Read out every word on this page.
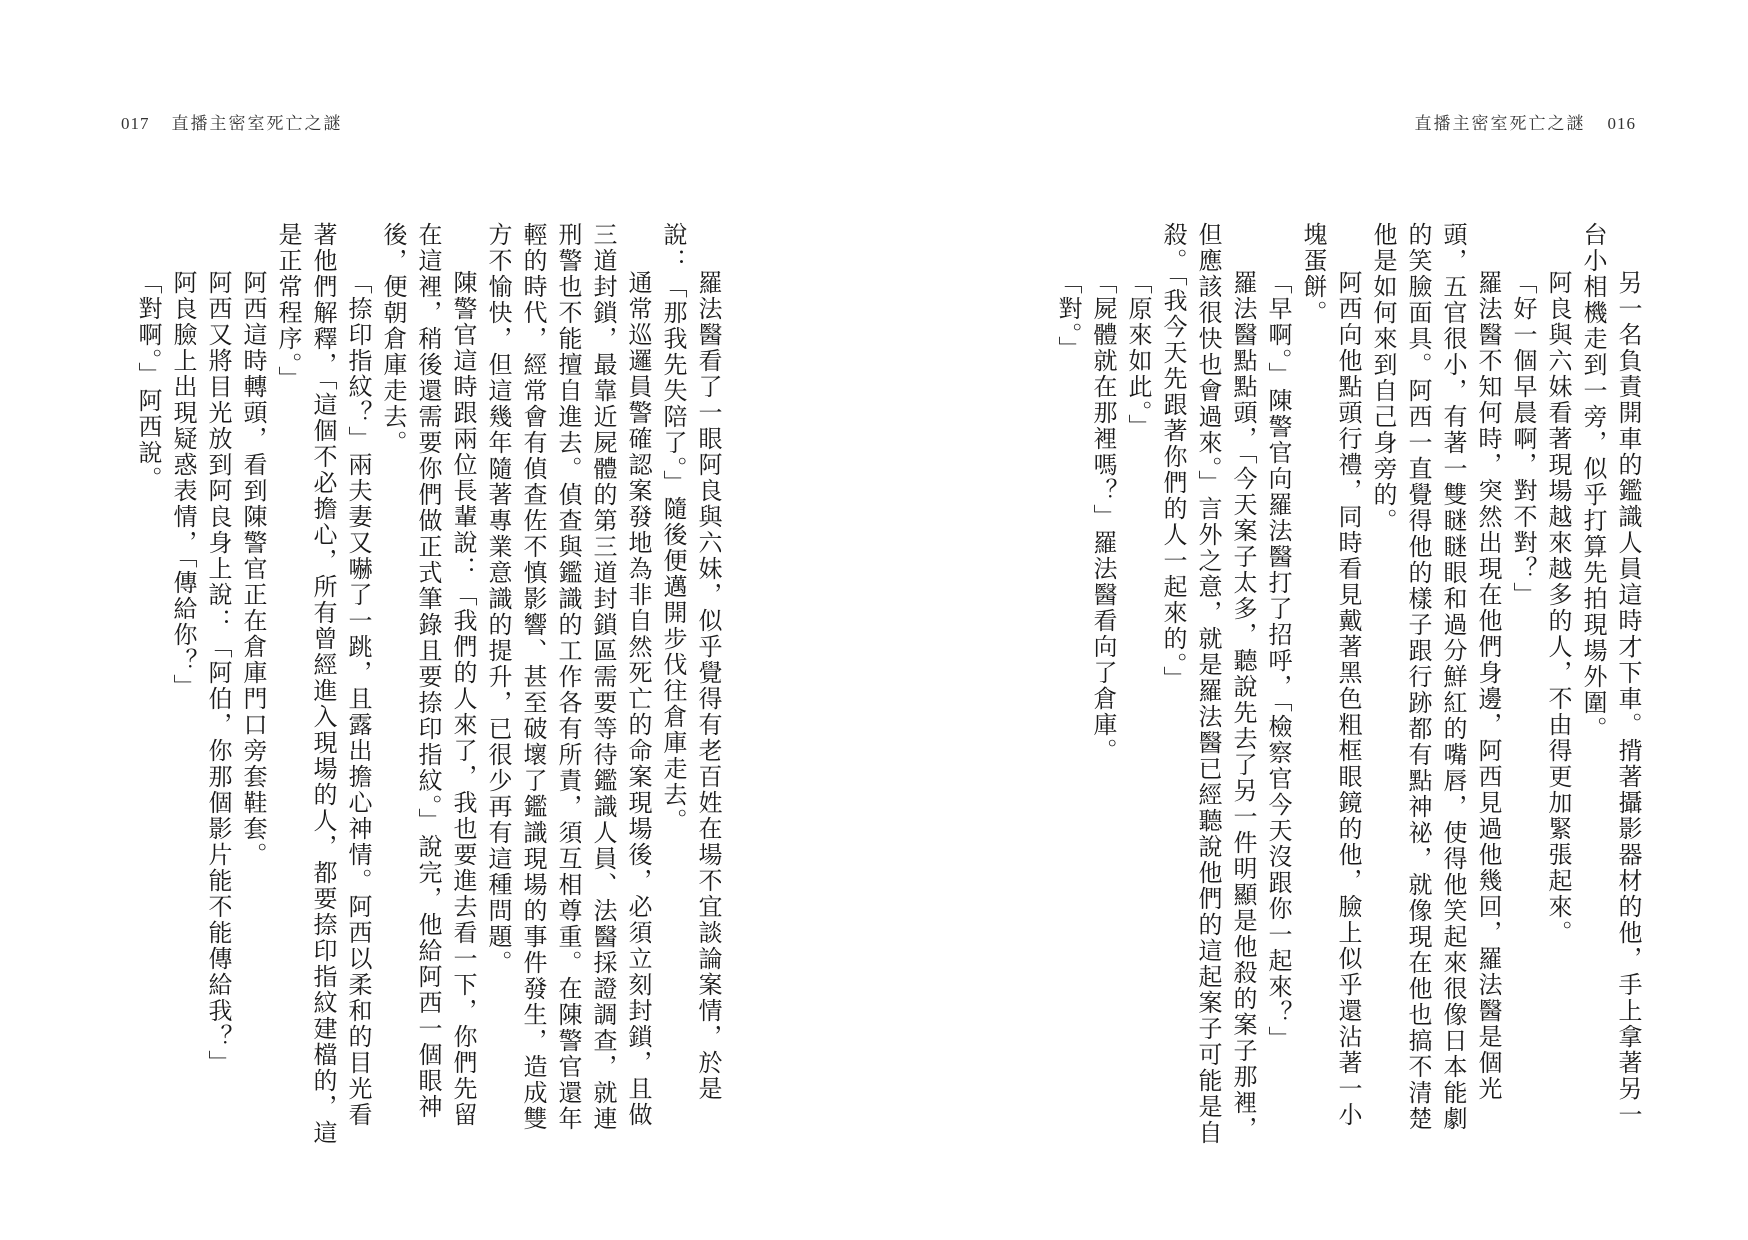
017 直播主密室死亡之謎	直播主密室死亡之謎 016

另一名負責開車的鑑識人員這時才下車。揹著攝影器材的他，手上拿著另一台小相機走到一旁，似乎打算先拍現場外圍。

阿良與六妹看著現場越來越多的人，不由得更加緊張起來。

「好一個早晨啊，對不對？」

羅法醫不知何時，突然出現在他們身邊，阿西見過他幾回，羅法醫是個光頭，五官很小，有著一雙瞇瞇眼和過分鮮紅的嘴唇，使得他笑起來很像日本能劇的笑臉面具。阿西一直覺得他的樣子跟行跡都有點神祕，就像現在他也搞不清楚他是如何來到自己身旁的。

阿西向他點頭行禮，同時看見戴著黑色粗框眼鏡的他，臉上似乎還沾著一小塊蛋餅。

「早啊。」陳警官向羅法醫打了招呼，「檢察官今天沒跟你一起來？」

羅法醫點點頭，「今天案子太多，聽說先去了另一件明顯是他殺的案子那裡，但應該很快也會過來。」言外之意，就是羅法醫已經聽說他們的這起案子可能是自殺。「我今天先跟著你們的人一起來的。」

「原來如此。」

「屍體就在那裡嗎？」羅法醫看向了倉庫。

「對。」

羅法醫看了一眼阿良與六妹，似乎覺得有老百姓在場不宜談論案情，於是說：「那我先失陪了。」隨後便邁開步伐往倉庫走去。

通常巡邏員警確認案發地為非自然死亡的命案現場後，必須立刻封鎖，且做三道封鎖，最靠近屍體的第三道封鎖區需要等待鑑識人員、法醫採證調查，就連刑警也不能擅自進去。偵查與鑑識的工作各有所責，須互相尊重。在陳警官還年輕的時代，經常會有偵查佐不慎影響、甚至破壞了鑑識現場的事件發生，造成雙方不愉快，但這幾年隨著專業意識的提升，已很少再有這種問題。

陳警官這時跟兩位長輩說：「我們的人來了，我也要進去看一下，你們先留在這裡，稍後還需要你們做正式筆錄且要捺印指紋。」說完，他給阿西一個眼神後，便朝倉庫走去。

「捺印指紋？」兩夫妻又嚇了一跳，且露出擔心神情。阿西以柔和的目光看著他們解釋，「這個不必擔心，所有曾經進入現場的人，都要捺印指紋建檔的，這是正常程序。」

阿西這時轉頭，看到陳警官正在倉庫門口旁套鞋套。

阿西又將目光放到阿良身上說：「阿伯，你那個影片能不能傳給我？」

阿良臉上出現疑惑表情，「傳給你？」

「對啊。」阿西說。
